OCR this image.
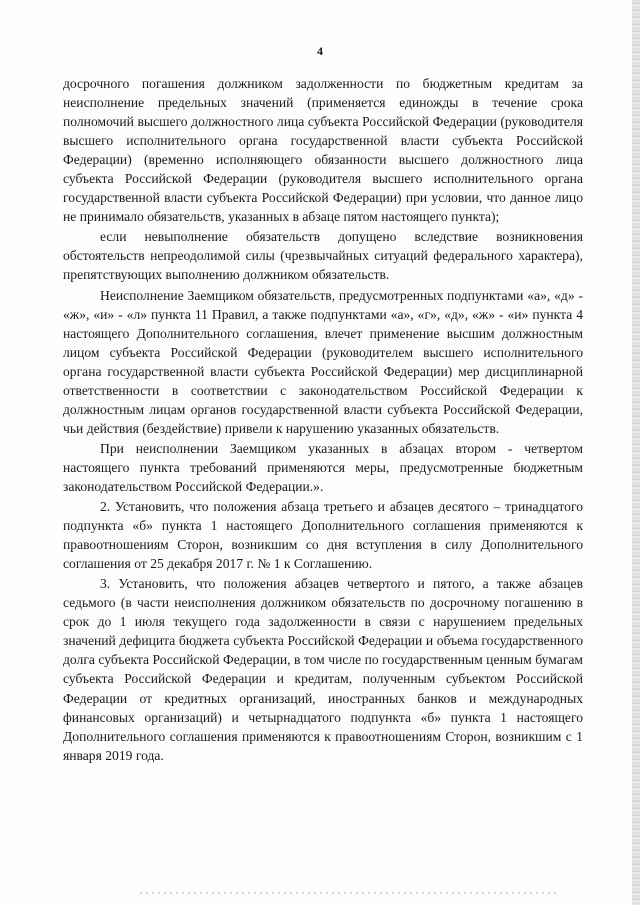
4

досрочного погашения должником задолженности по бюджетным кредитам за неисполнение предельных значений (применяется единожды в течение срока полномочий высшего должностного лица субъекта Российской Федерации (руководителя высшего исполнительного органа государственной власти субъекта Российской Федерации) (временно исполняющего обязанности высшего должностного лица субъекта Российской Федерации (руководителя высшего исполнительного органа государственной власти субъекта Российской Федерации) при условии, что данное лицо не принимало обязательств, указанных в абзаце пятом настоящего пункта);

если невыполнение обязательств допущено вследствие возникновения обстоятельств непреодолимой силы (чрезвычайных ситуаций федерального характера), препятствующих выполнению должником обязательств.

Неисполнение Заемщиком обязательств, предусмотренных подпунктами «а», «д» - «ж», «и» - «л» пункта 11 Правил, а также подпунктами «а», «г», «д», «ж» - «и» пункта 4 настоящего Дополнительного соглашения, влечет применение высшим должностным лицом субъекта Российской Федерации (руководителем высшего исполнительного органа государственной власти субъекта Российской Федерации) мер дисциплинарной ответственности в соответствии с законодательством Российской Федерации к должностным лицам органов государственной власти субъекта Российской Федерации, чьи действия (бездействие) привели к нарушению указанных обязательств.

При неисполнении Заемщиком указанных в абзацах втором - четвертом настоящего пункта требований применяются меры, предусмотренные бюджетным законодательством Российской Федерации.».

2. Установить, что положения абзаца третьего и абзацев десятого – тринадцатого подпункта «б» пункта 1 настоящего Дополнительного соглашения применяются к правоотношениям Сторон, возникшим со дня вступления в силу Дополнительного соглашения от 25 декабря 2017 г. № 1 к Соглашению.

3. Установить, что положения абзацев четвертого и пятого, а также абзацев седьмого (в части неисполнения должником обязательств по досрочному погашению в срок до 1 июля текущего года задолженности в связи с нарушением предельных значений дефицита бюджета субъекта Российской Федерации и объема государственного долга субъекта Российской Федерации, в том числе по государственным ценным бумагам субъекта Российской Федерации и кредитам, полученным субъектом Российской Федерации от кредитных организаций, иностранных банков и международных финансовых организаций) и четырнадцатого подпункта «б» пункта 1 настоящего Дополнительного соглашения применяются к правоотношениям Сторон, возникшим с 1 января 2019 года.
